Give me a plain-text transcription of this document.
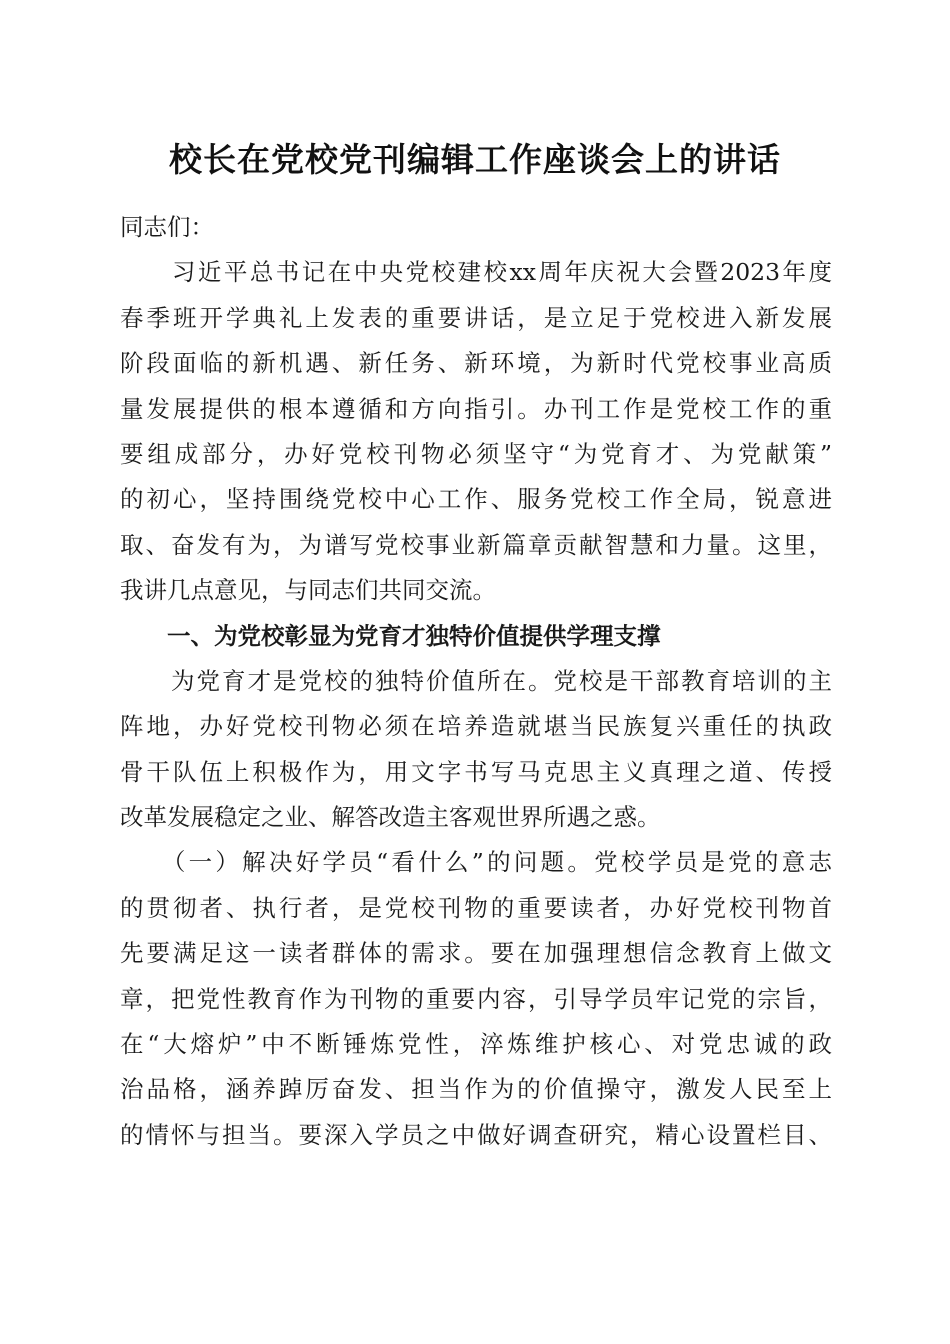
校长在党校党刊编辑工作座谈会上的讲话

同志们：

　　习近平总书记在中央党校建校xx周年庆祝大会暨2023年度
春季班开学典礼上发表的重要讲话，是立足于党校进入新发展
阶段面临的新机遇、新任务、新环境，为新时代党校事业高质
量发展提供的根本遵循和方向指引。办刊工作是党校工作的重
要组成部分，办好党校刊物必须坚守“为党育才、为党献策”
的初心，坚持围绕党校中心工作、服务党校工作全局，锐意进
取、奋发有为，为谱写党校事业新篇章贡献智慧和力量。这里，
我讲几点意见，与同志们共同交流。

　　一、为党校彰显为党育才独特价值提供学理支撑

　　为党育才是党校的独特价值所在。党校是干部教育培训的主
阵地，办好党校刊物必须在培养造就堪当民族复兴重任的执政
骨干队伍上积极作为，用文字书写马克思主义真理之道、传授
改革发展稳定之业、解答改造主客观世界所遇之惑。

　　（一）解决好学员“看什么”的问题。党校学员是党的意志
的贯彻者、执行者，是党校刊物的重要读者，办好党校刊物首
先要满足这一读者群体的需求。要在加强理想信念教育上做文
章，把党性教育作为刊物的重要内容，引导学员牢记党的宗旨，
在“大熔炉”中不断锤炼党性，淬炼维护核心、对党忠诚的政
治品格，涵养踔厉奋发、担当作为的价值操守，激发人民至上
的情怀与担当。要深入学员之中做好调查研究，精心设置栏目、
